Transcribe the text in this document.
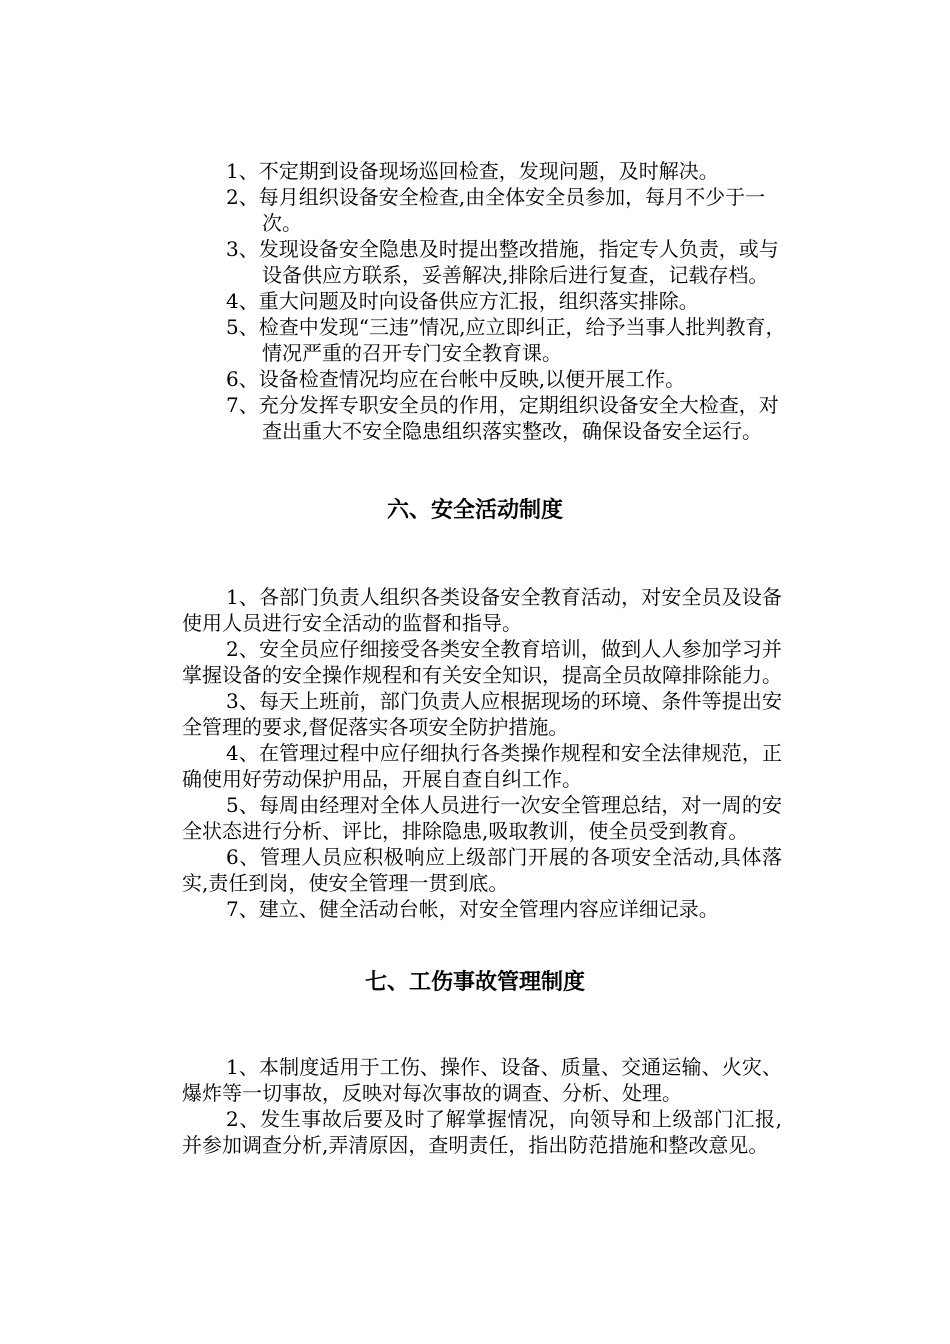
1、不定期到设备现场巡回检查，发现问题，及时解决。

2、每月组织设备安全检查,由全体安全员参加，每月不少于一次。

3、发现设备安全隐患及时提出整改措施，指定专人负责，或与设备供应方联系，妥善解决,排除后进行复查，记载存档。

4、重大问题及时向设备供应方汇报，组织落实排除。

5、检查中发现“三违”情况,应立即纠正，给予当事人批判教育，情况严重的召开专门安全教育课。

6、设备检查情况均应在台帐中反映,以便开展工作。

7、充分发挥专职安全员的作用，定期组织设备安全大检查，对查出重大不安全隐患组织落实整改，确保设备安全运行。

六、安全活动制度

1、各部门负责人组织各类设备安全教育活动，对安全员及设备使用人员进行安全活动的监督和指导。

2、安全员应仔细接受各类安全教育培训，做到人人参加学习并掌握设备的安全操作规程和有关安全知识，提高全员故障排除能力。

3、每天上班前，部门负责人应根据现场的环境、条件等提出安全管理的要求,督促落实各项安全防护措施。

4、在管理过程中应仔细执行各类操作规程和安全法律规范，正确使用好劳动保护用品，开展自查自纠工作。

5、每周由经理对全体人员进行一次安全管理总结，对一周的安全状态进行分析、评比，排除隐患,吸取教训，使全员受到教育。

6、管理人员应积极响应上级部门开展的各项安全活动,具体落实,责任到岗，使安全管理一贯到底。

7、建立、健全活动台帐，对安全管理内容应详细记录。

七、工伤事故管理制度

1、本制度适用于工伤、操作、设备、质量、交通运输、火灾、爆炸等一切事故，反映对每次事故的调查、分析、处理。

2、发生事故后要及时了解掌握情况，向领导和上级部门汇报,并参加调查分析,弄清原因，查明责任，指出防范措施和整改意见。
